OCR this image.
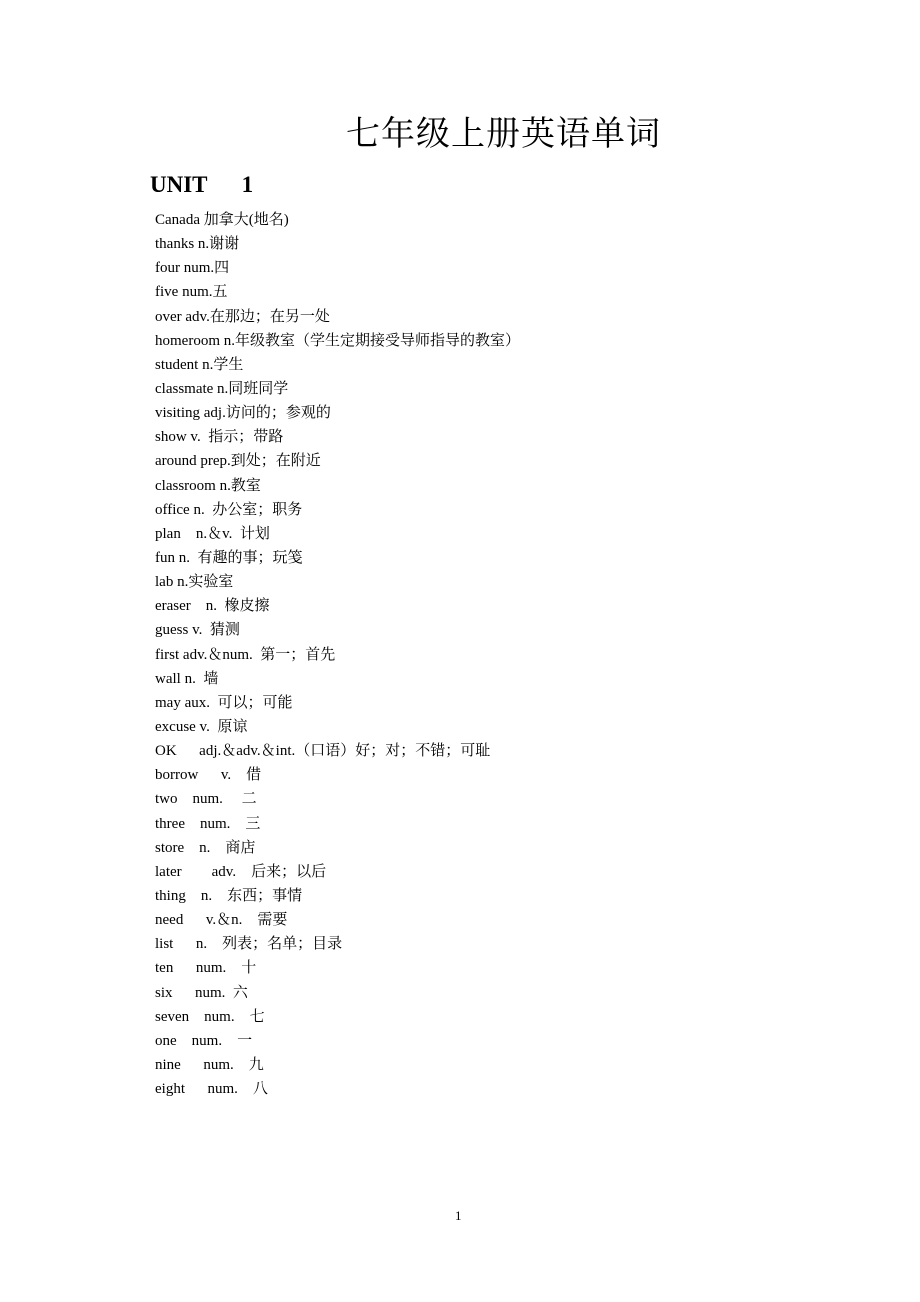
七年级上册英语单词
UNIT      1
Canada 加拿大(地名)
thanks n.谢谢
four num.四
five num.五
over adv.在那边；在另一处
homeroom n.年级教室（学生定期接受导师指导的教室）
student n.学生
classmate n.同班同学
visiting adj.访问的；参观的
show v.  指示；带路
around prep.到处；在附近
classroom n.教室
office n.  办公室；职务
plan    n.＆v.  计划
fun n.  有趣的事；玩笺
lab n.实验室
eraser    n.  橡皮擦
guess v.  猜测
first adv.＆num.  第一；首先
wall n.  墙
may aux.  可以；可能
excuse v.  原谅
OK      adj.＆adv.＆int.（口语）好；对；不错；可耻
borrow      v.    借
two    num.     二
three    num.    三
store    n.    商店
later        adv.    后来；以后
thing    n.    东西；事情
need      v.＆n.    需要
list      n.    列表；名单；目录
ten      num.    十
six      num.  六
seven    num.    七
one    num.    一
nine      num.    九
eight      num.    八
1
